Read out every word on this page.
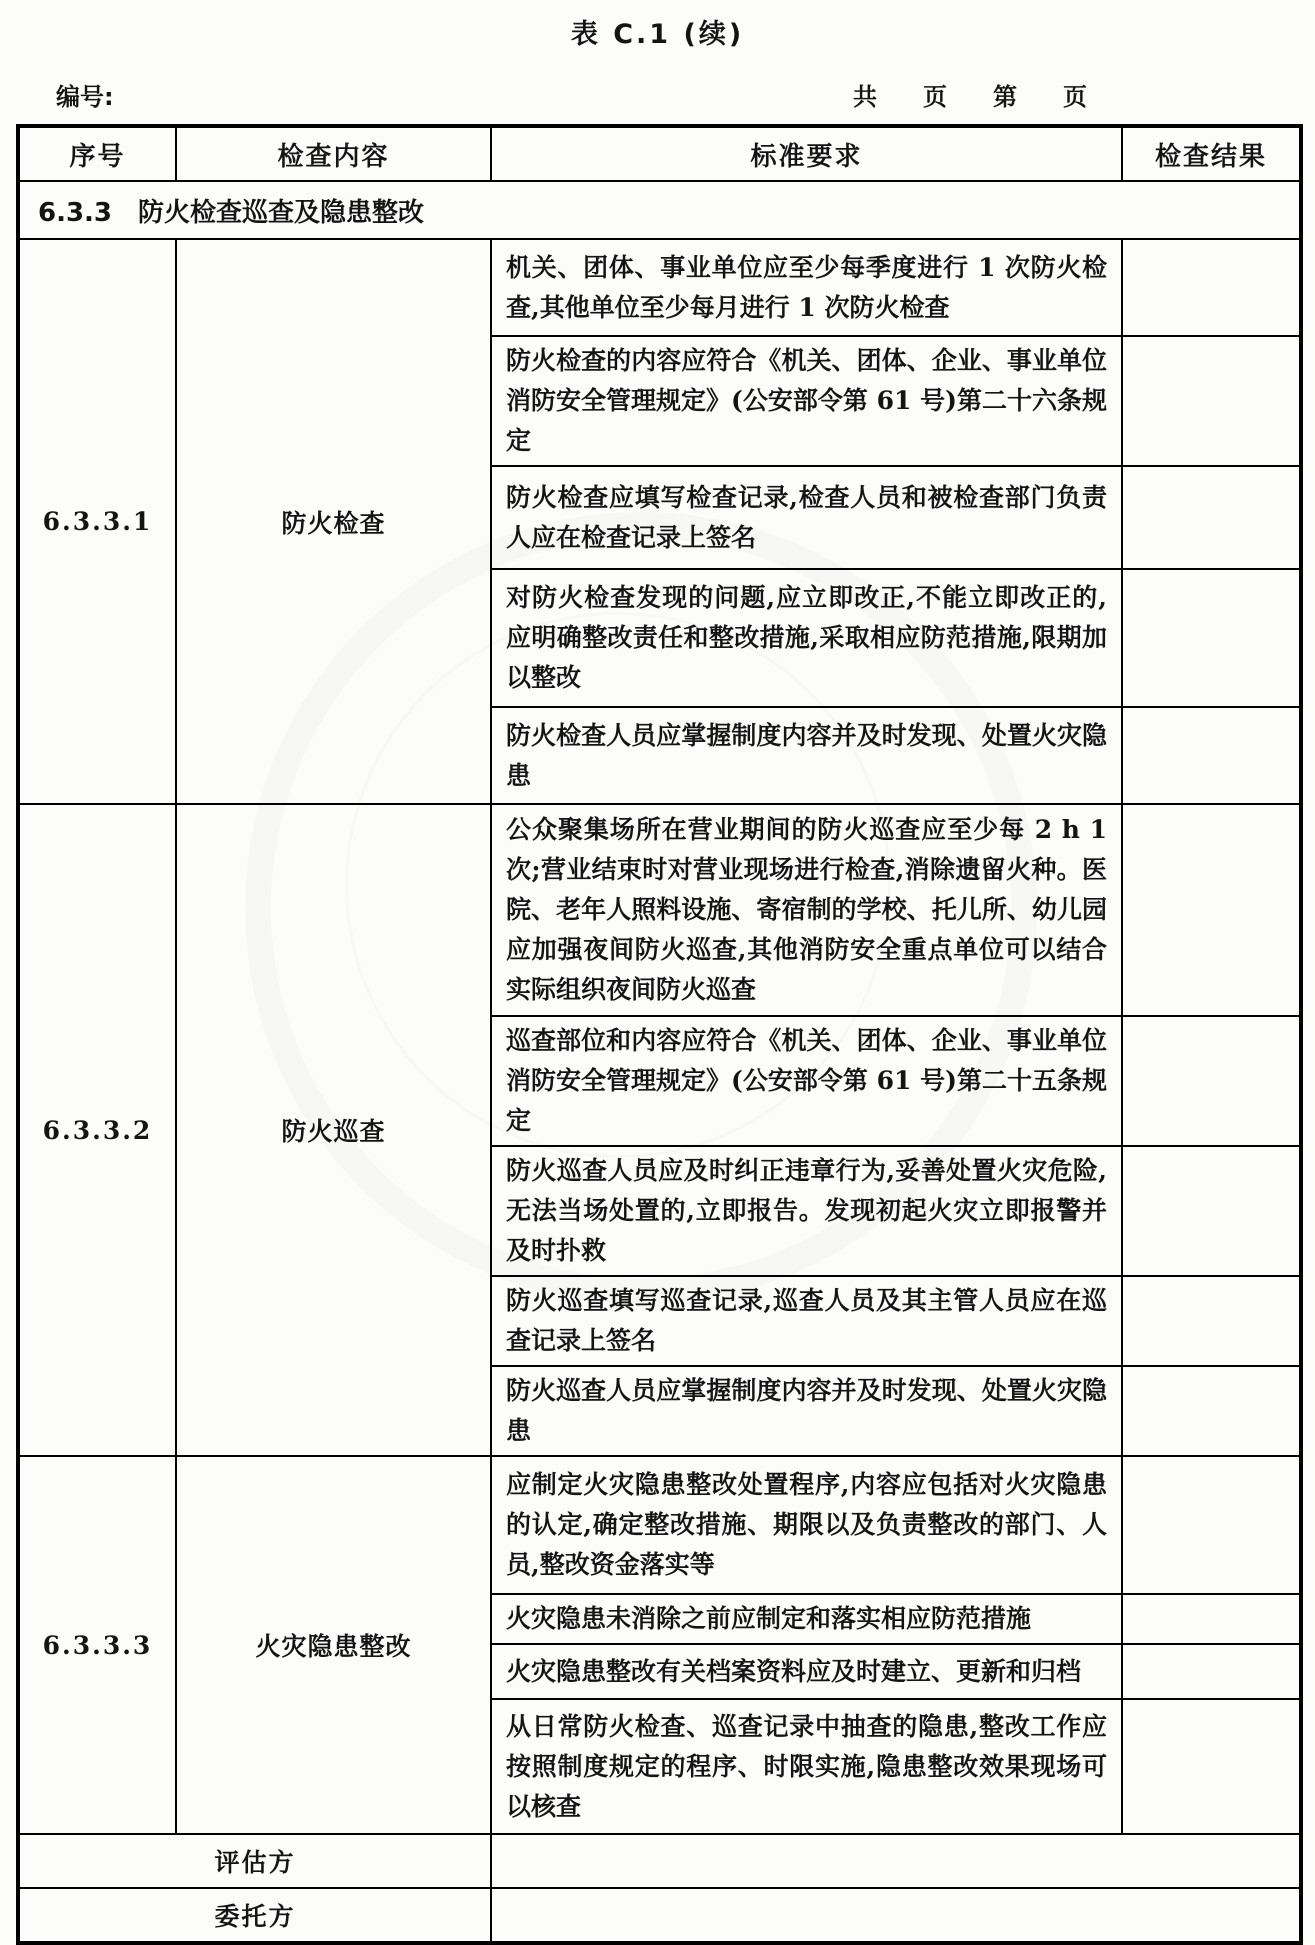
表 C.1 (续)
编号:	共 页 第 页
序号	检查内容	标准要求	检查结果
6.3.3 防火检查巡查及隐患整改			
6.3.3.1	防火检查	机关、团体、事业单位应至少每季度进行 1 次防火检查,其他单位至少每月进行 1 次防火检查	
		防火检查的内容应符合《机关、团体、企业、事业单位消防安全管理规定》(公安部令第 61 号)第二十六条规定	
		防火检查应填写检查记录,检查人员和被检查部门负责人应在检查记录上签名	
		对防火检查发现的问题,应立即改正,不能立即改正的,应明确整改责任和整改措施,采取相应防范措施,限期加以整改	
		防火检查人员应掌握制度内容并及时发现、处置火灾隐患	
6.3.3.2	防火巡查	公众聚集场所在营业期间的防火巡查应至少每 2 h 1 次;营业结束时对营业现场进行检查,消除遗留火种。医院、老年人照料设施、寄宿制的学校、托儿所、幼儿园应加强夜间防火巡查,其他消防安全重点单位可以结合实际组织夜间防火巡查	
		巡查部位和内容应符合《机关、团体、企业、事业单位消防安全管理规定》(公安部令第 61 号)第二十五条规定	
		防火巡查人员应及时纠正违章行为,妥善处置火灾危险,无法当场处置的,立即报告。发现初起火灾立即报警并及时扑救	
		防火巡查填写巡查记录,巡查人员及其主管人员应在巡查记录上签名	
		防火巡查人员应掌握制度内容并及时发现、处置火灾隐患	
6.3.3.3	火灾隐患整改	应制定火灾隐患整改处置程序,内容应包括对火灾隐患的认定,确定整改措施、期限以及负责整改的部门、人员,整改资金落实等	
		火灾隐患未消除之前应制定和落实相应防范措施	
		火灾隐患整改有关档案资料应及时建立、更新和归档	
		从日常防火检查、巡查记录中抽查的隐患,整改工作应按照制度规定的程序、时限实施,隐患整改效果现场可以核查	
评估方			
委托方			
